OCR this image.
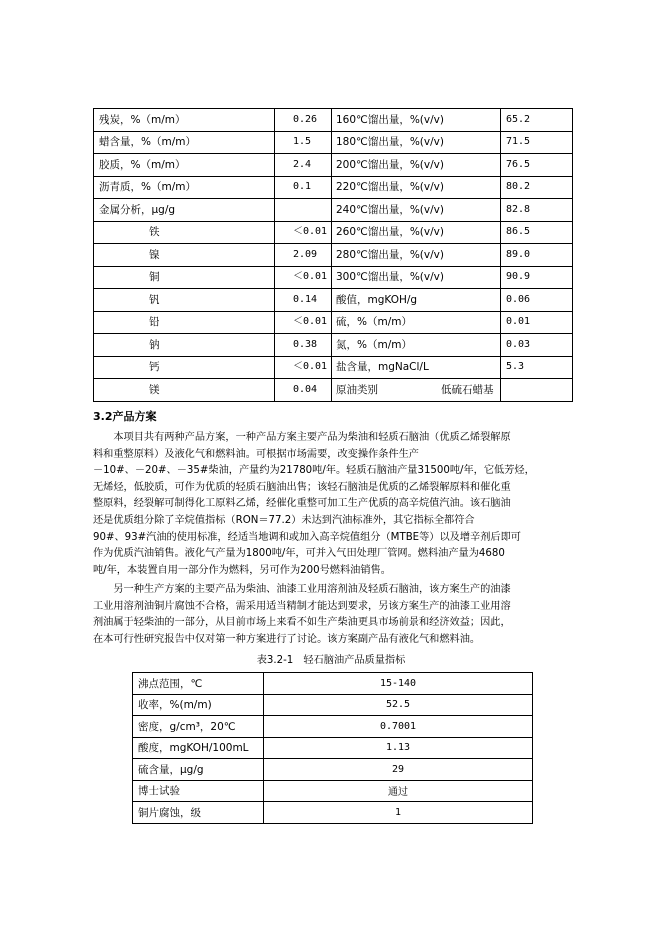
残炭，%（m/m）	0.26	160℃馏出量，%(v/v)	65.2
蜡含量，%（m/m）	1.5	180℃馏出量，%(v/v)	71.5
胶质，%（m/m）	2.4	200℃馏出量，%(v/v)	76.5
沥青质，%（m/m）	0.1	220℃馏出量，%(v/v)	80.2
金属分析，μg/g		240℃馏出量，%(v/v)	82.8
铁	＜0.01	260℃馏出量，%(v/v)	86.5
镍	2.09	280℃馏出量，%(v/v)	89.0
铜	＜0.01	300℃馏出量，%(v/v)	90.9
钒	0.14	酸值，mgKOH/g	0.06
铅	＜0.01	硫，%（m/m）	0.01
钠	0.38	氮，%（m/m）	0.03
钙	＜0.01	盐含量，mgNaCl/L	5.3
镁	0.04	原油类别　　　　　　低硫石蜡基	
3.2产品方案
　　本项目共有两种产品方案，一种产品方案主要产品为柴油和轻质石脑油（优质乙烯裂解原
料和重整原料）及液化气和燃料油。可根据市场需要，改变操作条件生产
－10#、－20#、－35#柴油，产量约为21780吨/年。轻质石脑油产量31500吨/年，它低芳烃，
无烯烃，低胶质，可作为优质的轻质石脑油出售；该轻石脑油是优质的乙烯裂解原料和催化重
整原料，经裂解可制得化工原料乙烯，经催化重整可加工生产优质的高辛烷值汽油。该石脑油
还是优质组分除了辛烷值指标（RON＝77.2）未达到汽油标准外，其它指标全都符合
90#、93#汽油的使用标准，经适当地调和或加入高辛烷值组分（MTBE等）以及增辛剂后即可
作为优质汽油销售。液化气产量为1800吨/年，可并入气田处理厂管网。燃料油产量为4680
吨/年，本装置自用一部分作为燃料，另可作为200号燃料油销售。
　　另一种生产方案的主要产品为柴油、油漆工业用溶剂油及轻质石脑油，该方案生产的油漆
工业用溶剂油铜片腐蚀不合格，需采用适当精制才能达到要求，另该方案生产的油漆工业用溶
剂油属于轻柴油的一部分，从目前市场上来看不如生产柴油更具市场前景和经济效益；因此，
在本可行性研究报告中仅对第一种方案进行了讨论。该方案副产品有液化气和燃料油。
表3.2-1　轻石脑油产品质量指标
沸点范围，℃	15-140
收率，%(m/m)	52.5
密度，g/cm³，20℃	0.7001
酸度，mgKOH/100mL	1.13
硫含量，μg/g	29
博士试验	通过
铜片腐蚀，级	1
